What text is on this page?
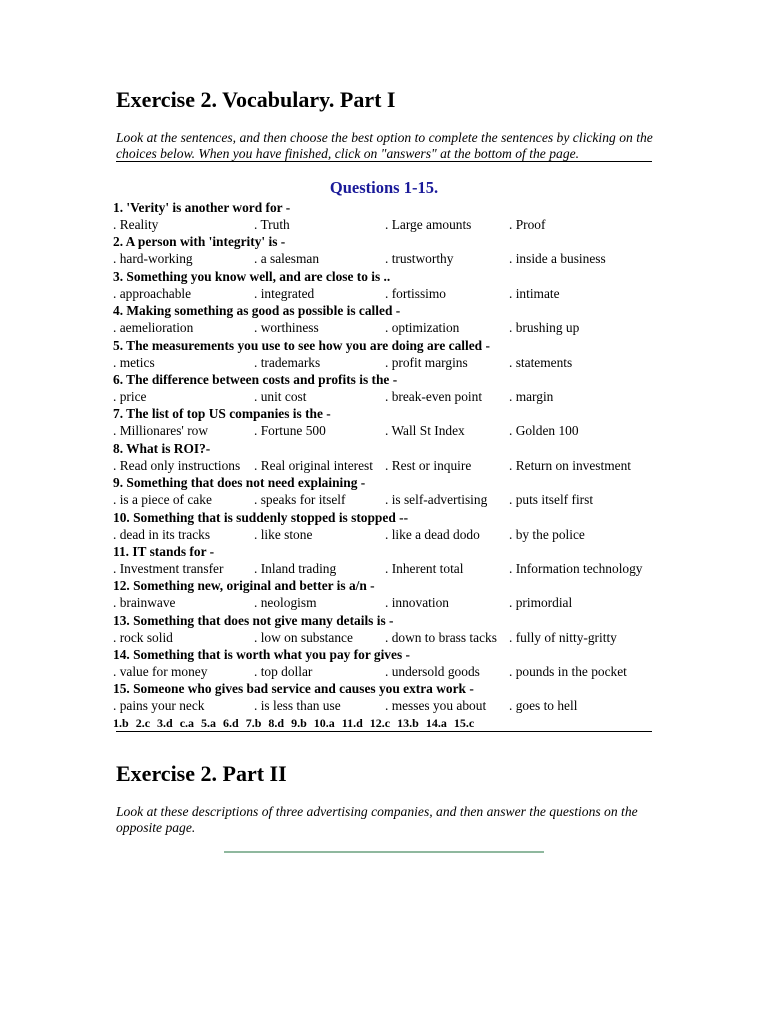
Exercise 2. Vocabulary. Part I
Look at the sentences, and then choose the best option to complete the sentences by clicking on the choices below. When you have finished, click on "answers" at the bottom of the page.
Questions 1-15.
1. 'Verity' is another word for -
. Reality	. Truth	. Large amounts	. Proof
2. A person with 'integrity' is -
. hard-working	. a salesman	. trustworthy	. inside a business
3. Something you know well, and are close to is ..
. approachable	. integrated	. fortissimo	. intimate
4. Making something as good as possible is called -
. aemelioration	. worthiness	. optimization	. brushing up
5. The measurements you use to see how you are doing are called -
. metics	. trademarks	. profit margins	. statements
6. The difference between costs and profits is the -
. price	. unit cost	. break-even point . margin
7. The list of top US companies is the -
. Millionares' row	. Fortune 500	. Wall St Index	. Golden 100
8. What is ROI?-
. Read only instructions . Real original interest . Rest or inquire	. Return on investment
9. Something that does not need explaining -
. is a piece of cake	. speaks for itself	. is self-advertising . puts itself first
10. Something that is suddenly stopped is stopped --
. dead in its tracks	. like stone	. like a dead dodo . by the police
11. IT stands for -
. Investment transfer . Inland trading	. Inherent total	. Information technology
12. Something new, original and better is a/n -
. brainwave	. neologism	. innovation	. primordial
13. Something that does not give many details is -
. rock solid	. low on substance . down to brass tacks . fully of nitty-gritty
14. Something that is worth what you pay for gives -
. value for money	. top dollar	. undersold goods . pounds in the pocket
15. Someone who gives bad service and causes you extra work -
. pains your neck	. is less than use	. messes you about . goes to hell
1.b 2.c 3.d c.a 5.a 6.d 7.b 8.d 9.b 10.a 11.d 12.c 13.b 14.a 15.c
Exercise 2. Part II
Look at these descriptions of three advertising companies, and then answer the questions on the opposite page.
